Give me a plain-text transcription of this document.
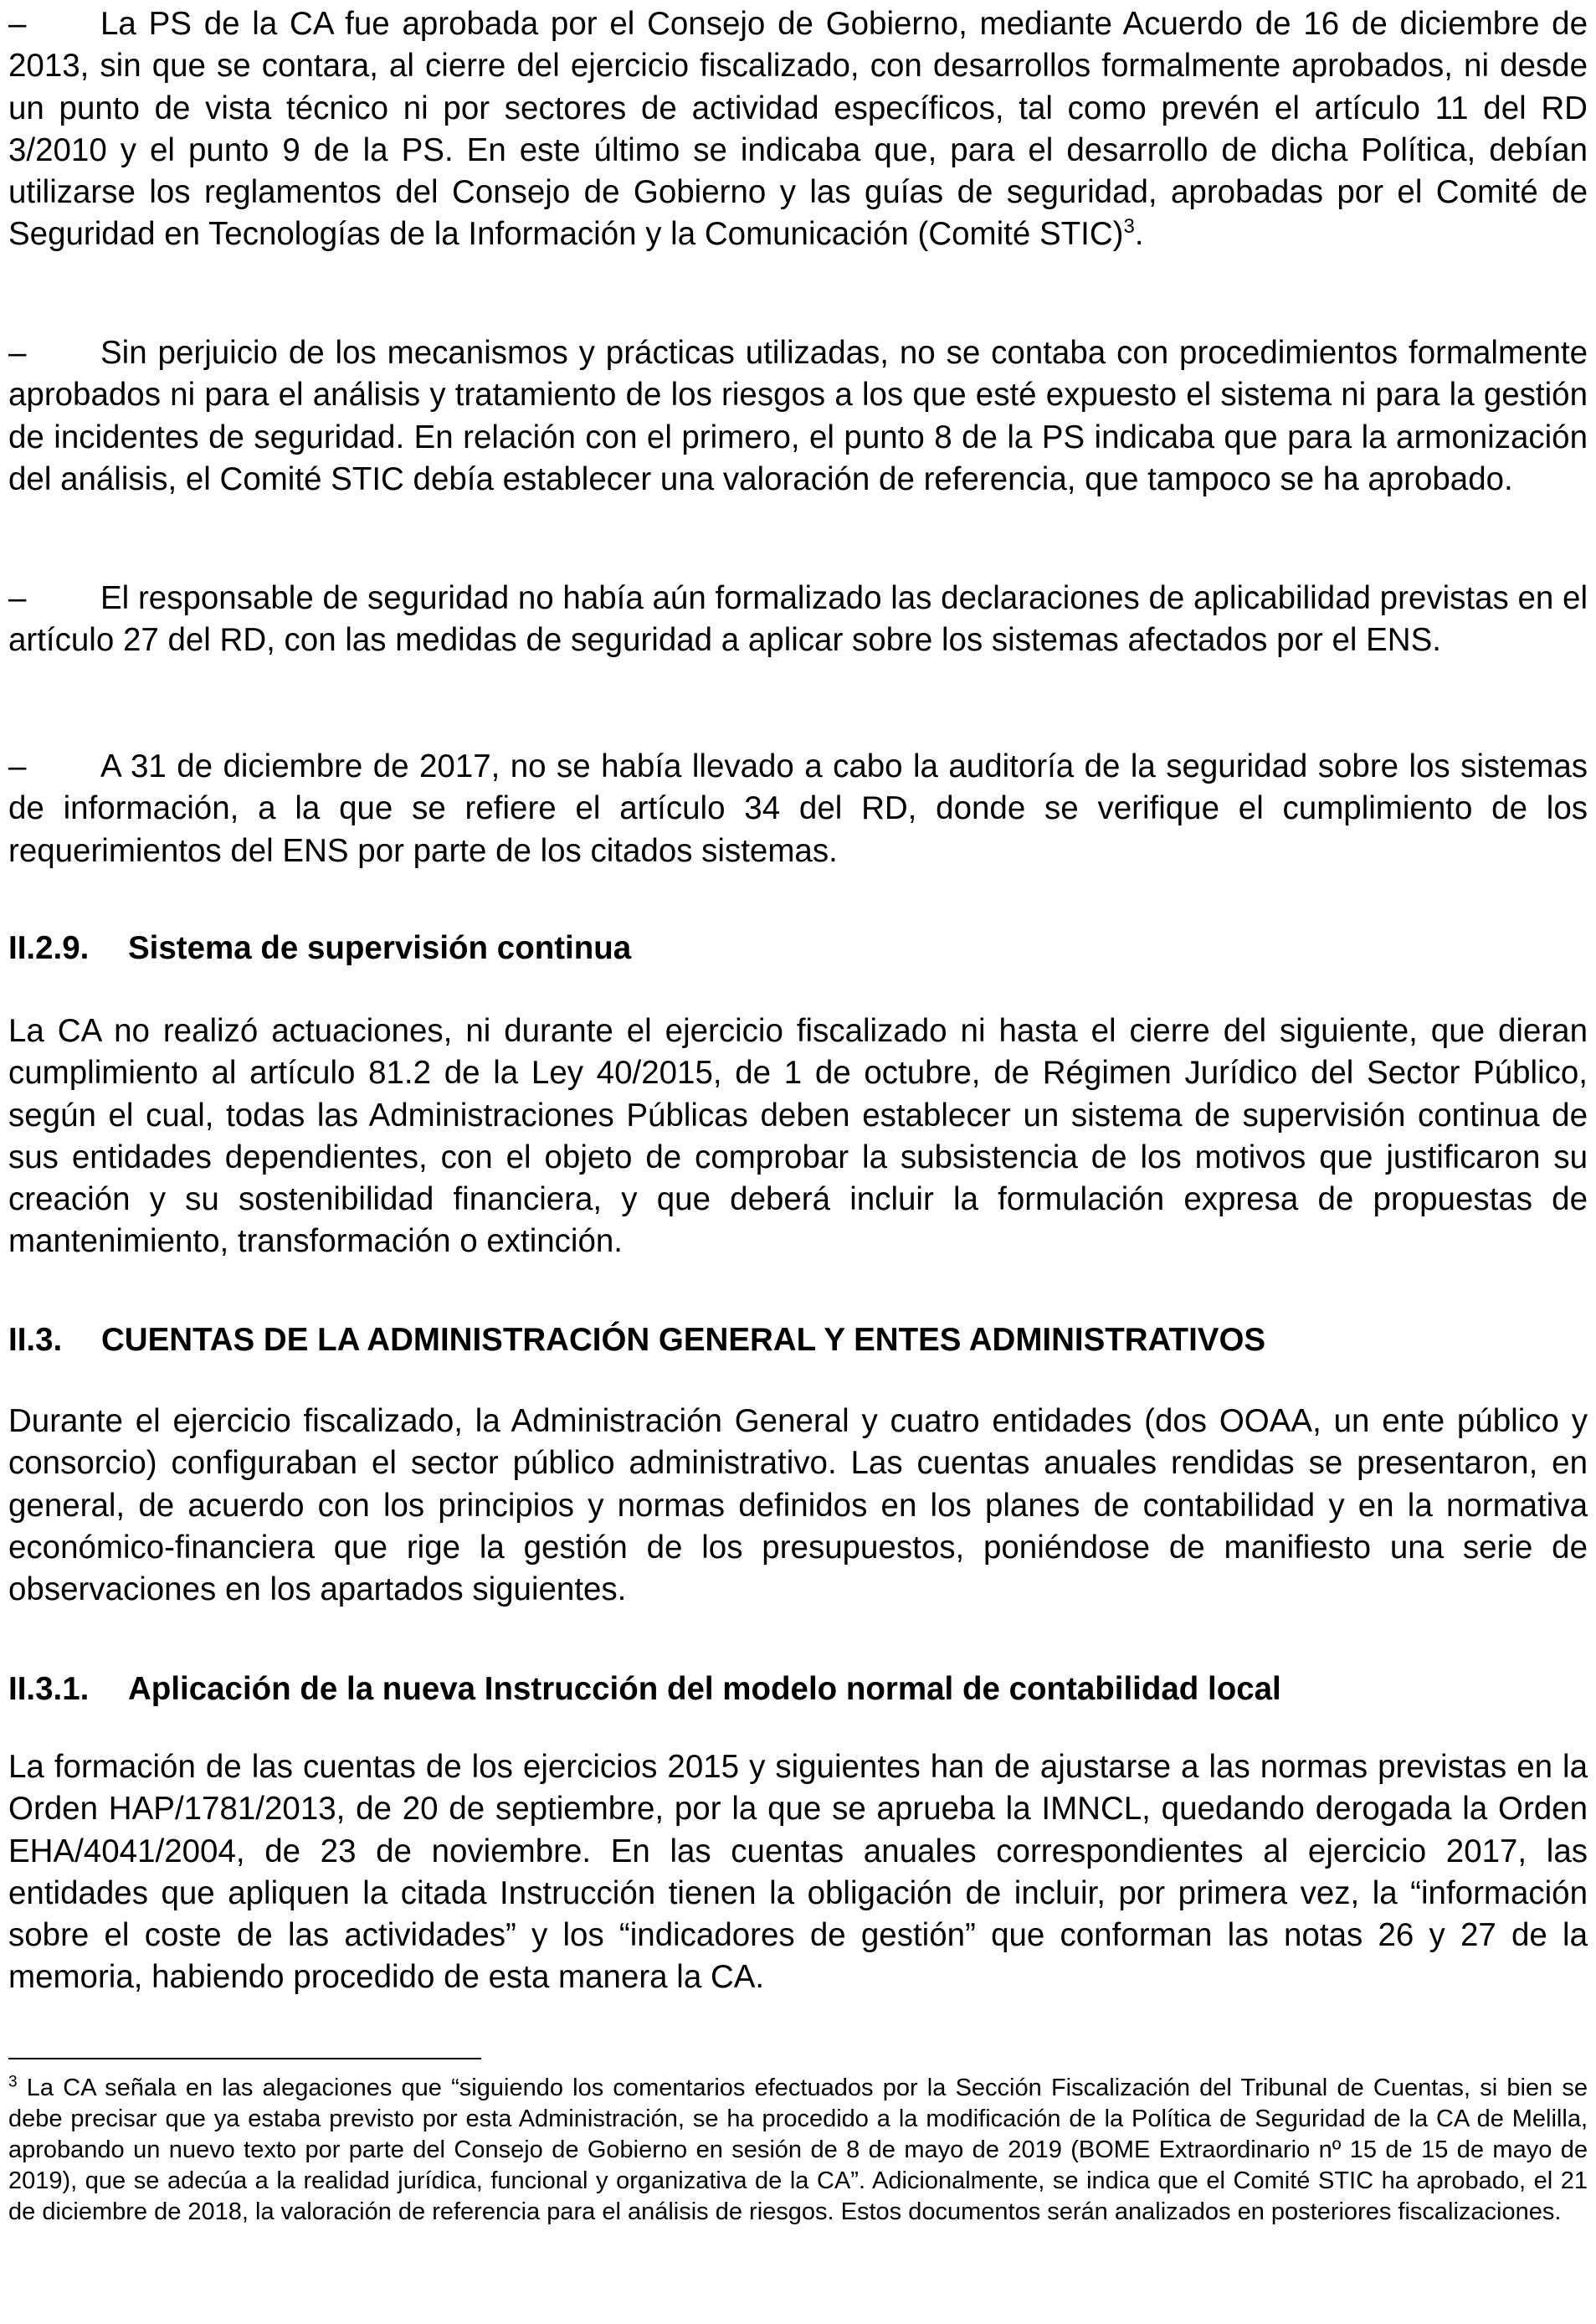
– La PS de la CA fue aprobada por el Consejo de Gobierno, mediante Acuerdo de 16 de diciembre de 2013, sin que se contara, al cierre del ejercicio fiscalizado, con desarrollos formalmente aprobados, ni desde un punto de vista técnico ni por sectores de actividad específicos, tal como prevén el artículo 11 del RD 3/2010 y el punto 9 de la PS. En este último se indicaba que, para el desarrollo de dicha Política, debían utilizarse los reglamentos del Consejo de Gobierno y las guías de seguridad, aprobadas por el Comité de Seguridad en Tecnologías de la Información y la Comunicación (Comité STIC)$^3$.

– Sin perjuicio de los mecanismos y prácticas utilizadas, no se contaba con procedimientos formalmente aprobados ni para el análisis y tratamiento de los riesgos a los que esté expuesto el sistema ni para la gestión de incidentes de seguridad. En relación con el primero, el punto 8 de la PS indicaba que para la armonización del análisis, el Comité STIC debía establecer una valoración de referencia, que tampoco se ha aprobado.

– El responsable de seguridad no había aún formalizado las declaraciones de aplicabilidad previstas en el artículo 27 del RD, con las medidas de seguridad a aplicar sobre los sistemas afectados por el ENS.

– A 31 de diciembre de 2017, no se había llevado a cabo la auditoría de la seguridad sobre los sistemas de información, a la que se refiere el artículo 34 del RD, donde se verifique el cumplimiento de los requerimientos del ENS por parte de los citados sistemas.

II.2.9. Sistema de supervisión continua

La CA no realizó actuaciones, ni durante el ejercicio fiscalizado ni hasta el cierre del siguiente, que dieran cumplimiento al artículo 81.2 de la Ley 40/2015, de 1 de octubre, de Régimen Jurídico del Sector Público, según el cual, todas las Administraciones Públicas deben establecer un sistema de supervisión continua de sus entidades dependientes, con el objeto de comprobar la subsistencia de los motivos que justificaron su creación y su sostenibilidad financiera, y que deberá incluir la formulación expresa de propuestas de mantenimiento, transformación o extinción.

II.3. CUENTAS DE LA ADMINISTRACIÓN GENERAL Y ENTES ADMINISTRATIVOS

Durante el ejercicio fiscalizado, la Administración General y cuatro entidades (dos OOAA, un ente público y consorcio) configuraban el sector público administrativo. Las cuentas anuales rendidas se presentaron, en general, de acuerdo con los principios y normas definidos en los planes de contabilidad y en la normativa económico-financiera que rige la gestión de los presupuestos, poniéndose de manifiesto una serie de observaciones en los apartados siguientes.

II.3.1. Aplicación de la nueva Instrucción del modelo normal de contabilidad local

La formación de las cuentas de los ejercicios 2015 y siguientes han de ajustarse a las normas previstas en la Orden HAP/1781/2013, de 20 de septiembre, por la que se aprueba la IMNCL, quedando derogada la Orden EHA/4041/2004, de 23 de noviembre. En las cuentas anuales correspondientes al ejercicio 2017, las entidades que apliquen la citada Instrucción tienen la obligación de incluir, por primera vez, la “información sobre el coste de las actividades” y los “indicadores de gestión” que conforman las notas 26 y 27 de la memoria, habiendo procedido de esta manera la CA.

$^3$ La CA señala en las alegaciones que “siguiendo los comentarios efectuados por la Sección Fiscalización del Tribunal de Cuentas, si bien se debe precisar que ya estaba previsto por esta Administración, se ha procedido a la modificación de la Política de Seguridad de la CA de Melilla, aprobando un nuevo texto por parte del Consejo de Gobierno en sesión de 8 de mayo de 2019 (BOME Extraordinario nº 15 de 15 de mayo de 2019), que se adecúa a la realidad jurídica, funcional y organizativa de la CA”. Adicionalmente, se indica que el Comité STIC ha aprobado, el 21 de diciembre de 2018, la valoración de referencia para el análisis de riesgos. Estos documentos serán analizados en posteriores fiscalizaciones.
